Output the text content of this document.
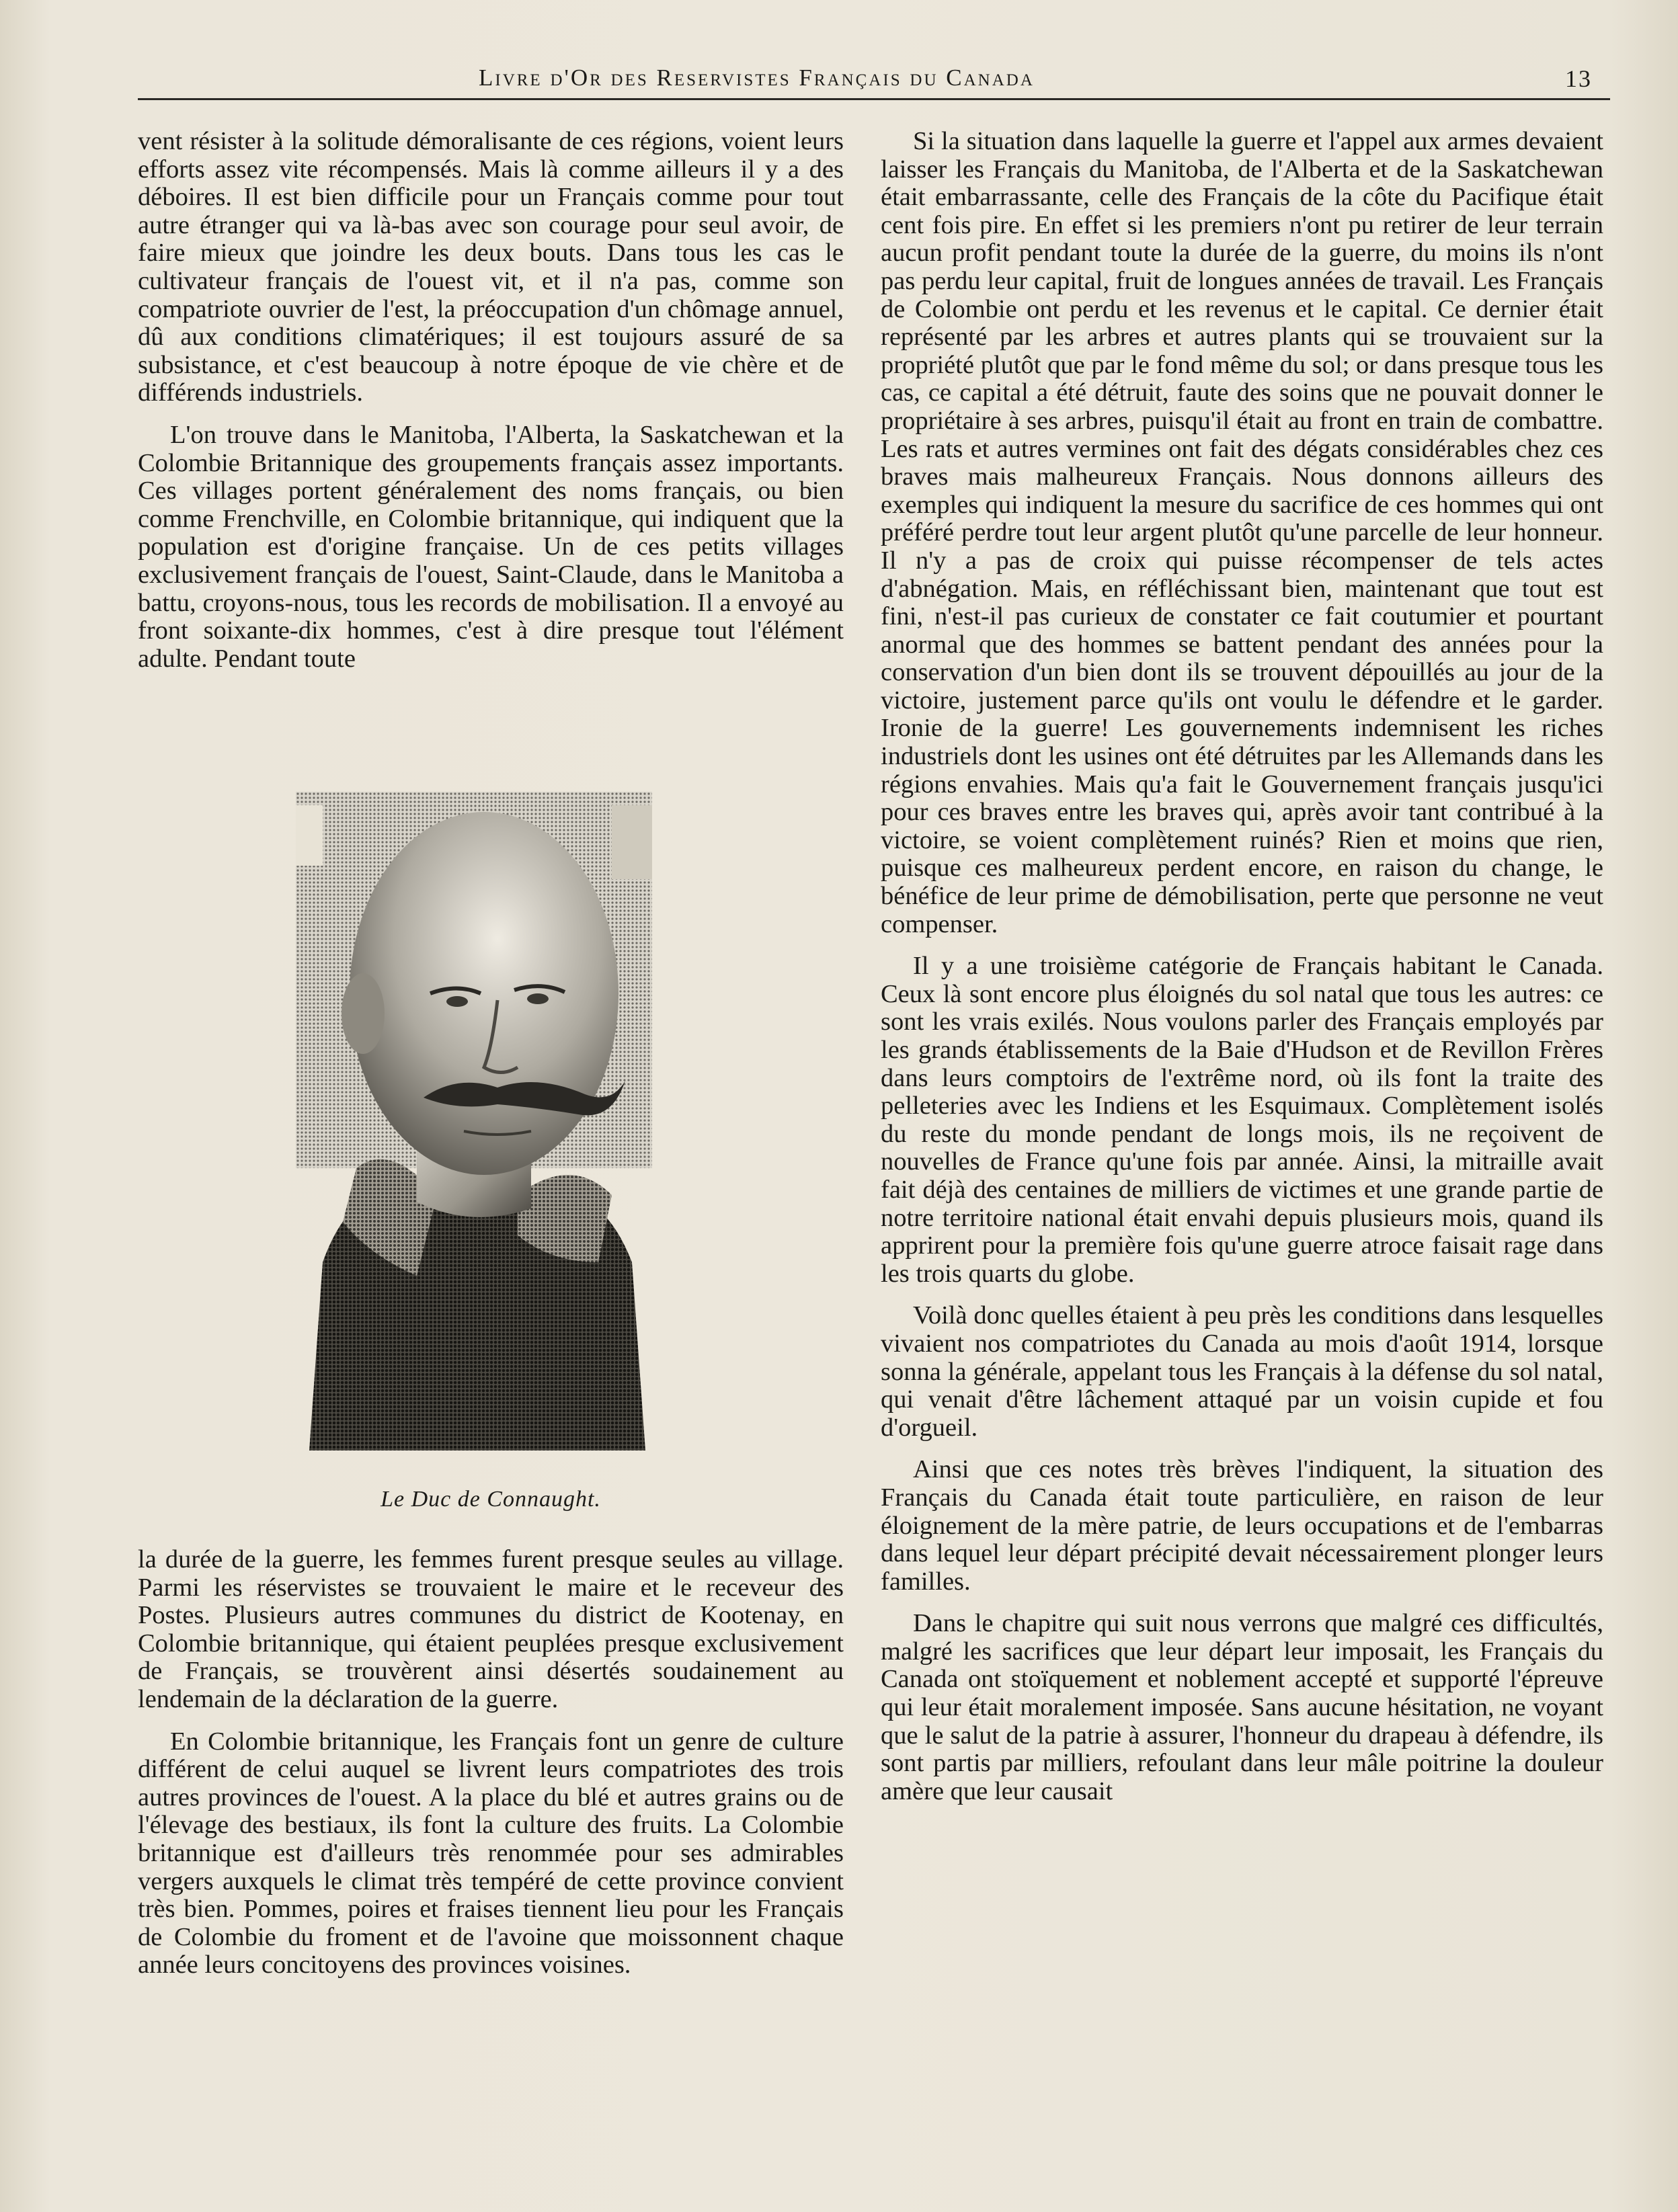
Livre d'Or des Reservistes Français du Canada	13

vent résister à la solitude démoralisante de ces régions, voient leurs efforts assez vite récompensés. Mais là comme ailleurs il y a des déboires. Il est bien difficile pour un Français comme pour tout autre étranger qui va là-bas avec son courage pour seul avoir, de faire mieux que joindre les deux bouts. Dans tous les cas le cultivateur français de l'ouest vit, et il n'a pas, comme son compatriote ouvrier de l'est, la préoccupation d'un chômage annuel, dû aux conditions climatériques; il est toujours assuré de sa subsistance, et c'est beaucoup à notre époque de vie chère et de différends industriels.

L'on trouve dans le Manitoba, l'Alberta, la Saskatchewan et la Colombie Britannique des groupements français assez importants. Ces villages portent généralement des noms français, ou bien comme Frenchville, en Colombie britannique, qui indiquent que la population est d'origine française. Un de ces petits villages exclusivement français de l'ouest, Saint-Claude, dans le Manitoba a battu, croyons-nous, tous les records de mobilisation. Il a envoyé au front soixante-dix hommes, c'est à dire presque tout l'élément adulte. Pendant toute

Le Duc de Connaught.

la durée de la guerre, les femmes furent presque seules au village. Parmi les réservistes se trouvaient le maire et le receveur des Postes. Plusieurs autres communes du district de Kootenay, en Colombie britannique, qui étaient peuplées presque exclusivement de Français, se trouvèrent ainsi désertés soudainement au lendemain de la déclaration de la guerre.

En Colombie britannique, les Français font un genre de culture différent de celui auquel se livrent leurs compatriotes des trois autres provinces de l'ouest. A la place du blé et autres grains ou de l'élevage des bestiaux, ils font la culture des fruits. La Colombie britannique est d'ailleurs très renommée pour ses admirables vergers auxquels le climat très tempéré de cette province convient très bien. Pommes, poires et fraises tiennent lieu pour les Français de Colombie du froment et de l'avoine que moissonnent chaque année leurs concitoyens des provinces voisines.

Si la situation dans laquelle la guerre et l'appel aux armes devaient laisser les Français du Manitoba, de l'Alberta et de la Saskatchewan était embarrassante, celle des Français de la côte du Pacifique était cent fois pire. En effet si les premiers n'ont pu retirer de leur terrain aucun profit pendant toute la durée de la guerre, du moins ils n'ont pas perdu leur capital, fruit de longues années de travail. Les Français de Colombie ont perdu et les revenus et le capital. Ce dernier était représenté par les arbres et autres plants qui se trouvaient sur la propriété plutôt que par le fond même du sol; or dans presque tous les cas, ce capital a été détruit, faute des soins que ne pouvait donner le propriétaire à ses arbres, puisqu'il était au front en train de combattre. Les rats et autres vermines ont fait des dégats considérables chez ces braves mais malheureux Français. Nous donnons ailleurs des exemples qui indiquent la mesure du sacrifice de ces hommes qui ont préféré perdre tout leur argent plutôt qu'une parcelle de leur honneur. Il n'y a pas de croix qui puisse récompenser de tels actes d'abnégation. Mais, en réfléchissant bien, maintenant que tout est fini, n'est-il pas curieux de constater ce fait coutumier et pourtant anormal que des hommes se battent pendant des années pour la conservation d'un bien dont ils se trouvent dépouillés au jour de la victoire, justement parce qu'ils ont voulu le défendre et le garder. Ironie de la guerre! Les gouvernements indemnisent les riches industriels dont les usines ont été détruites par les Allemands dans les régions envahies. Mais qu'a fait le Gouvernement français jusqu'ici pour ces braves entre les braves qui, après avoir tant contribué à la victoire, se voient complètement ruinés? Rien et moins que rien, puisque ces malheureux perdent encore, en raison du change, le bénéfice de leur prime de démobilisation, perte que personne ne veut compenser.

Il y a une troisième catégorie de Français habitant le Canada. Ceux là sont encore plus éloignés du sol natal que tous les autres: ce sont les vrais exilés. Nous voulons parler des Français employés par les grands établissements de la Baie d'Hudson et de Revillon Frères dans leurs comptoirs de l'extrême nord, où ils font la traite des pelleteries avec les Indiens et les Esquimaux. Complètement isolés du reste du monde pendant de longs mois, ils ne reçoivent de nouvelles de France qu'une fois par année. Ainsi, la mitraille avait fait déjà des centaines de milliers de victimes et une grande partie de notre territoire national était envahi depuis plusieurs mois, quand ils apprirent pour la première fois qu'une guerre atroce faisait rage dans les trois quarts du globe.

Voilà donc quelles étaient à peu près les conditions dans lesquelles vivaient nos compatriotes du Canada au mois d'août 1914, lorsque sonna la générale, appelant tous les Français à la défense du sol natal, qui venait d'être lâchement attaqué par un voisin cupide et fou d'orgueil.

Ainsi que ces notes très brèves l'indiquent, la situation des Français du Canada était toute particulière, en raison de leur éloignement de la mère patrie, de leurs occupations et de l'embarras dans lequel leur départ précipité devait nécessairement plonger leurs familles.

Dans le chapitre qui suit nous verrons que malgré ces difficultés, malgré les sacrifices que leur départ leur imposait, les Français du Canada ont stoïquement et noblement accepté et supporté l'épreuve qui leur était moralement imposée. Sans aucune hésitation, ne voyant que le salut de la patrie à assurer, l'honneur du drapeau à défendre, ils sont partis par milliers, refoulant dans leur mâle poitrine la douleur amère que leur causait
